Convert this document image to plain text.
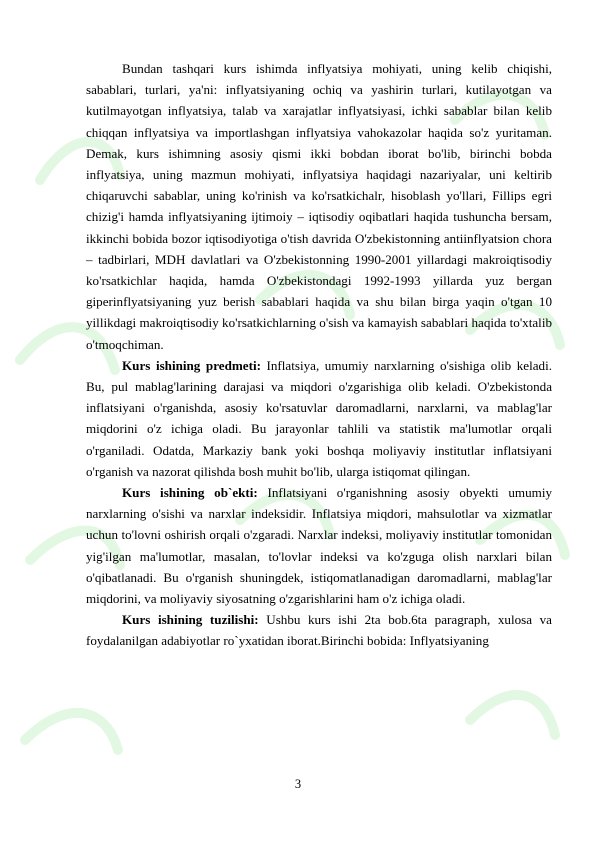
Bundan tashqari kurs ishimda inflyatsiya mohiyati, uning kelib chiqishi, sabablari, turlari, ya'ni: inflyatsiyaning ochiq va yashirin turlari, kutilayotgan va kutilmayotgan inflyatsiya, talab va xarajatlar inflyatsiyasi, ichki sabablar bilan kelib chiqqan inflyatsiya va importlashgan inflyatsiya vahokazolar haqida so'z yuritaman. Demak, kurs ishimning asosiy qismi ikki bobdan iborat bo'lib, birinchi bobda inflyatsiya, uning mazmun mohiyati, inflyatsiya haqidagi nazariyalar, uni keltirib chiqaruvchi sabablar, uning ko'rinish va ko'rsatkichalr, hisoblash yo'llari, Fillips egri chizig'i hamda inflyatsiyaning ijtimoiy – iqtisodiy oqibatlari haqida tushuncha bersam, ikkinchi bobida bozor iqtisodiyotiga o'tish davrida O'zbekistonning antiinflyatsion chora – tadbirlari, MDH davlatlari va O'zbekistonning 1990-2001 yillardagi makroiqtisodiy ko'rsatkichlar haqida, hamda O'zbekistondagi 1992-1993 yillarda yuz bergan giperinflyatsiyaning yuz berish sabablari haqida va shu bilan birga yaqin o'tgan 10 yillikdagi makroiqtisodiy ko'rsatkichlarning o'sish va kamayish sabablari haqida to'xtalib o'tmoqchiman.

Kurs ishining predmeti: Inflatsiya, umumiy narxlarning o'sishiga olib keladi. Bu, pul mablag'larining darajasi va miqdori o'zgarishiga olib keladi. O'zbekistonda inflatsiyani o'rganishda, asosiy ko'rsatuvlar daromadlarni, narxlarni, va mablag'lar miqdorini o'z ichiga oladi. Bu jarayonlar tahlili va statistik ma'lumotlar orqali o'rganiladi. Odatda, Markaziy bank yoki boshqa moliyaviy institutlar inflatsiyani o'rganish va nazorat qilishda bosh muhit bo'lib, ularga istiqomat qilingan.

Kurs ishining ob`ekti: Inflatsiyani o'rganishning asosiy obyekti umumiy narxlarning o'sishi va narxlar indeksidir. Inflatsiya miqdori, mahsulotlar va xizmatlar uchun to'lovni oshirish orqali o'zgaradi. Narxlar indeksi, moliyaviy institutlar tomonidan yig'ilgan ma'lumotlar, masalan, to'lovlar indeksi va ko'zguga olish narxlari bilan o'qibatlanadi. Bu o'rganish shuningdek, istiqomatlanadigan daromadlarni, mablag'lar miqdorini, va moliyaviy siyosatning o'zgarishlarini ham o'z ichiga oladi.

Kurs ishining tuzilishi: Ushbu kurs ishi 2ta bob.6ta paragraph, xulosa va foydalanilgan adabiyotlar ro`yxatidan iborat.Birinchi bobida: Inflyatsiyaning

3
